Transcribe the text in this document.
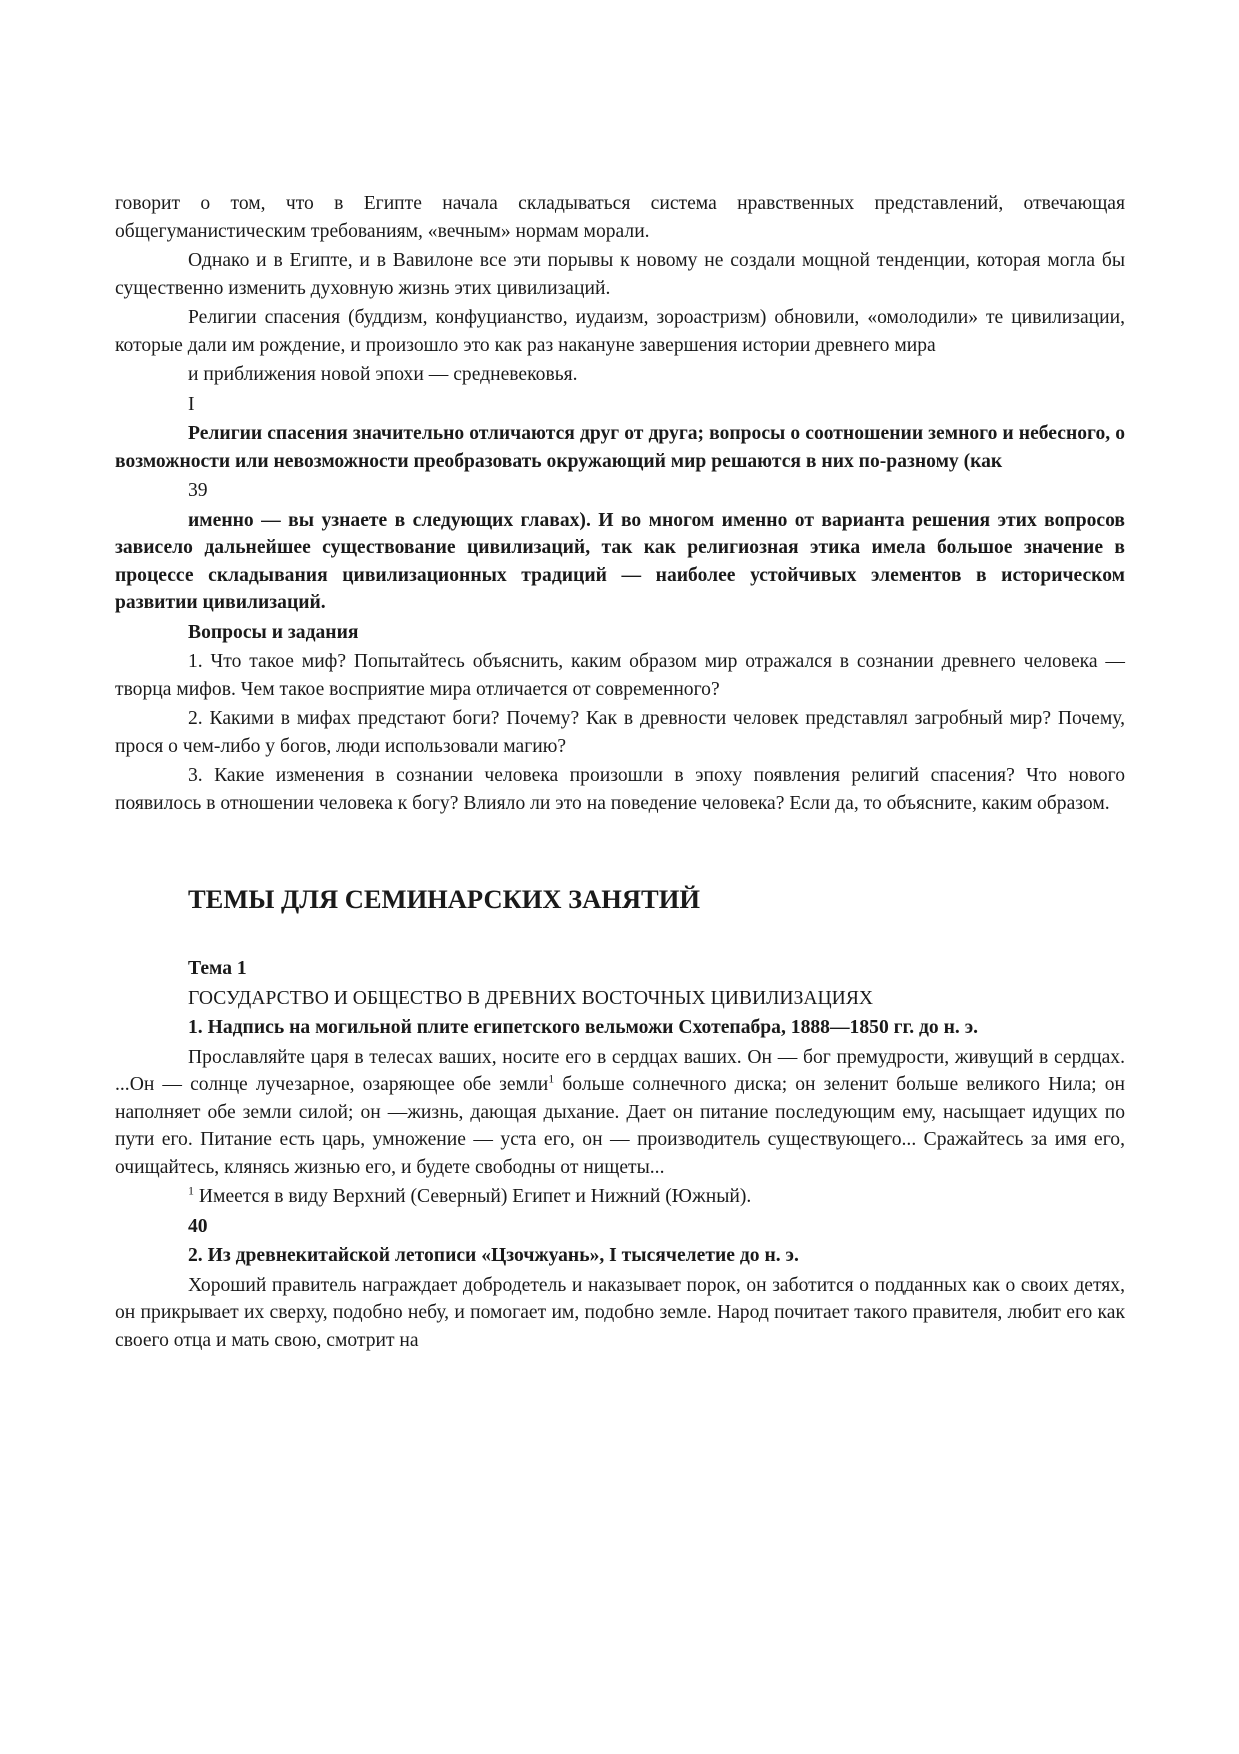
говорит о том, что в Египте начала складываться система нравственных представлений, отвечающая общегуманистическим требованиям, «вечным» нормам морали.

Однако и в Египте, и в Вавилоне все эти порывы к новому не создали мощной тенденции, которая могла бы существенно изменить духовную жизнь этих цивилизаций.

Религии спасения (буддизм, конфуцианство, иудаизм, зороастризм) обновили, «омолодили» те цивилизации, которые дали им рождение, и произошло это как раз накануне завершения истории древнего мира

и приближения новой эпохи — средневековья.

I

Религии спасения значительно отличаются друг от друга; вопросы о соотношении земного и небесного, о возможности или невозможности преобразовать окружающий мир решаются в них по-разному (как

39

именно — вы узнаете в следующих главах). И во многом именно от варианта решения этих вопросов зависело дальнейшее существование цивилизаций, так как религиозная этика имела большое значение в процессе складывания цивилизационных традиций — наиболее устойчивых элементов в историческом развитии цивилизаций.

Вопросы и задания

1. Что такое миф? Попытайтесь объяснить, каким образом мир отражался в сознании древнего человека — творца мифов. Чем такое восприятие мира отличается от современного?

2. Какими в мифах предстают боги? Почему? Как в древности человек представлял загробный мир? Почему, прося о чем-либо у богов, люди использовали магию?

3. Какие изменения в сознании человека произошли в эпоху появления религий спасения? Что нового появилось в отношении человека к богу? Влияло ли это на поведение человека? Если да, то объясните, каким образом.

ТЕМЫ ДЛЯ СЕМИНАРСКИХ ЗАНЯТИЙ

Тема 1

ГОСУДАРСТВО И ОБЩЕСТВО В ДРЕВНИХ ВОСТОЧНЫХ ЦИВИЛИЗАЦИЯХ

1. Надпись на могильной плите египетского вельможи Схотепабра, 1888—1850 гг. до н. э.

Прославляйте царя в телесах ваших, носите его в сердцах ваших. Он — бог премудрости, живущий в сердцах. ...Он — солнце лучезарное, озаряющее обе земли$^1$ больше солнечного диска; он зеленит больше великого Нила; он наполняет обе земли силой; он —жизнь, дающая дыхание. Дает он питание последующим ему, насыщает идущих по пути его. Питание есть царь, умножение — уста его, он — производитель существующего... Сражайтесь за имя его, очищайтесь, клянясь жизнью его, и будете свободны от нищеты...

$^1$ Имеется в виду Верхний (Северный) Египет и Нижний (Южный).

40

2. Из древнекитайской летописи «Цзочжуань», I тысячелетие до н. э.

Хороший правитель награждает добродетель и наказывает порок, он заботится о подданных как о своих детях, он прикрывает их сверху, подобно небу, и помогает им, подобно земле. Народ почитает такого правителя, любит его как своего отца и мать свою, смотрит на
